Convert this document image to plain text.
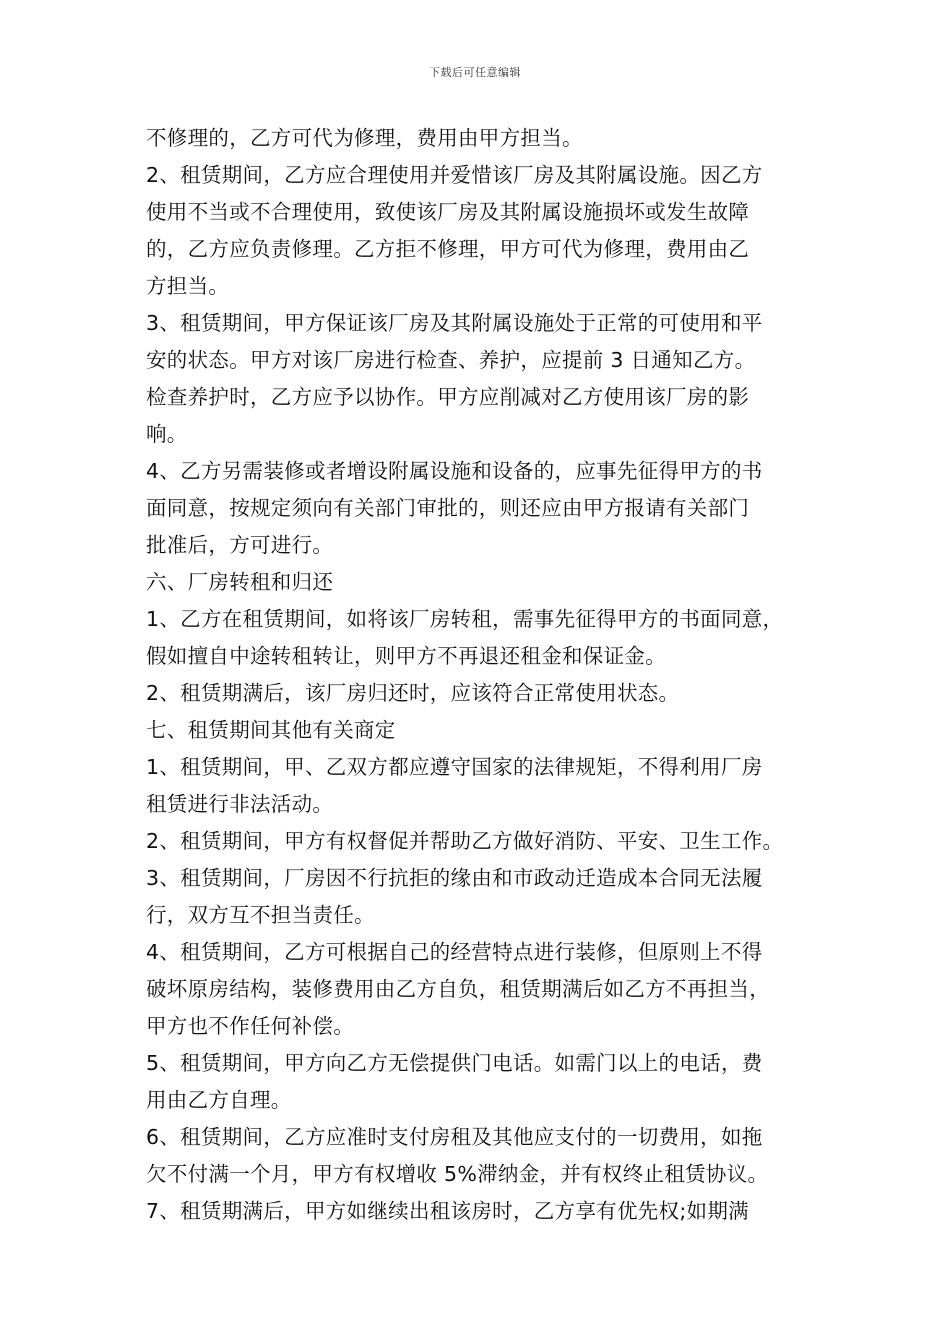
下载后可任意编辑
不修理的，乙方可代为修理，费用由甲方担当。
2、租赁期间，乙方应合理使用并爱惜该厂房及其附属设施。因乙方
使用不当或不合理使用，致使该厂房及其附属设施损坏或发生故障
的，乙方应负责修理。乙方拒不修理，甲方可代为修理，费用由乙
方担当。
3、租赁期间，甲方保证该厂房及其附属设施处于正常的可使用和平
安的状态。甲方对该厂房进行检查、养护，应提前 3 日通知乙方。
检查养护时，乙方应予以协作。甲方应削减对乙方使用该厂房的影
响。
4、乙方另需装修或者增设附属设施和设备的，应事先征得甲方的书
面同意，按规定须向有关部门审批的，则还应由甲方报请有关部门
批准后，方可进行。
六、厂房转租和归还
1、乙方在租赁期间，如将该厂房转租，需事先征得甲方的书面同意，
假如擅自中途转租转让，则甲方不再退还租金和保证金。
2、租赁期满后，该厂房归还时，应该符合正常使用状态。
七、租赁期间其他有关商定
1、租赁期间，甲、乙双方都应遵守国家的法律规矩，不得利用厂房
租赁进行非法活动。
2、租赁期间，甲方有权督促并帮助乙方做好消防、平安、卫生工作。
3、租赁期间，厂房因不行抗拒的缘由和市政动迁造成本合同无法履
行，双方互不担当责任。
4、租赁期间，乙方可根据自己的经营特点进行装修，但原则上不得
破坏原房结构，装修费用由乙方自负，租赁期满后如乙方不再担当，
甲方也不作任何补偿。
5、租赁期间，甲方向乙方无偿提供门电话。如需门以上的电话，费
用由乙方自理。
6、租赁期间，乙方应准时支付房租及其他应支付的一切费用，如拖
欠不付满一个月，甲方有权增收 5%滞纳金，并有权终止租赁协议。
7、租赁期满后，甲方如继续出租该房时，乙方享有优先权;如期满
